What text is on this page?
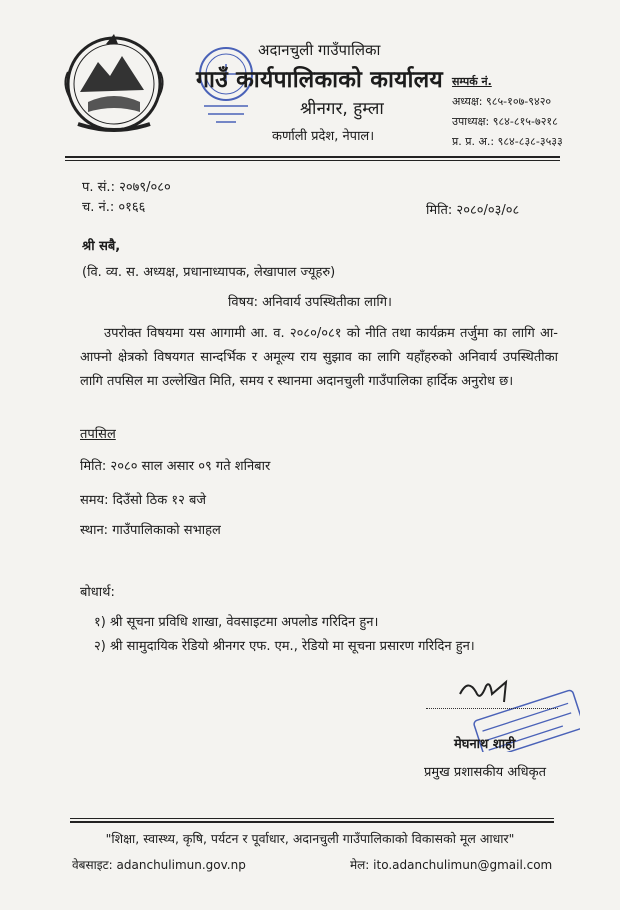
अदानचुली गाउँपालिका
गाउँ कार्यपालिकाको कार्यालय
श्रीनगर, हुम्ला
कर्णाली प्रदेश, नेपाल।
सम्पर्क नं.
अध्यक्ष: ९८५-१०७-९४२०
उपाध्यक्ष: ९८४-८१५-७२१८
प्र. प्र. अ.: ९८४-८३८-३५३३
प. सं.: २०७९/०८०
च. नं.: ०१६६	मिति: २०८०/०३/०८
श्री सबै,
(वि. व्य. स. अध्यक्ष, प्रधानाध्यापक, लेखापाल ज्यूहरु)
विषय: अनिवार्य उपस्थितीका लागि।
उपरोक्त विषयमा यस आगामी आ. व. २०८०/०८१ को नीति तथा कार्यक्रम तर्जुमा का लागि आ-आफ्नो क्षेत्रको विषयगत सान्दर्भिक र अमूल्य राय सुझाव का लागि यहाँहरुको अनिवार्य उपस्थितीका लागि तपसिल मा उल्लेखित मिति, समय र स्थानमा अदानचुली गाउँपालिका हार्दिक अनुरोध छ।
तपसिल
मिति: २०८० साल असार ०९ गते शनिबार
समय: दिउँसो ठिक १२ बजे
स्थान: गाउँपालिकाको सभाहल
बोधार्थ:
१) श्री सूचना प्रविधि शाखा, वेवसाइटमा अपलोड गरिदिन हुन।
२) श्री सामुदायिक रेडियो श्रीनगर एफ. एम., रेडियो मा सूचना प्रसारण गरिदिन हुन।
मेघनाथ शाही
प्रमुख प्रशासकीय अधिकृत
"शिक्षा, स्वास्थ्य, कृषि, पर्यटन र पूर्वाधार, अदानचुली गाउँपालिकाको विकासको मूल आधार"
वेबसाइट: adanchulimun.gov.np	मेल: ito.adanchulimun@gmail.com
